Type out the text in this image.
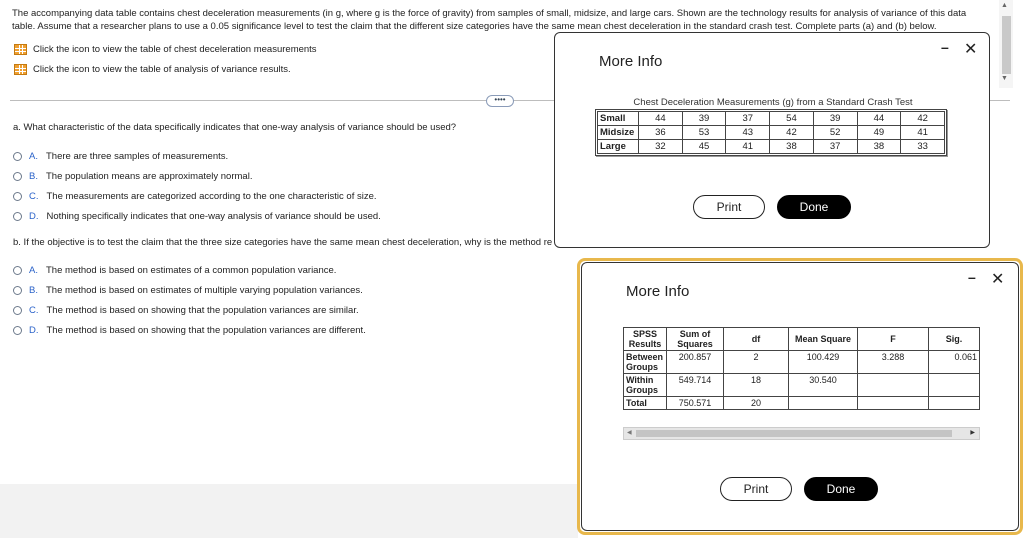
▲
▼
The accompanying data table contains chest deceleration measurements (in g, where g is the force of gravity) from samples of small, midsize, and large cars. Shown are the technology results for analysis of variance of this data
table. Assume that a researcher plans to use a 0.05 significance level to test the claim that the different size categories have the same mean chest deceleration in the standard crash test. Complete parts (a) and (b) below.
Click the icon to view the table of chest deceleration measurements
Click the icon to view the table of analysis of variance results.
••••
a. What characteristic of the data specifically indicates that one-way analysis of variance should be used?
A. There are three samples of measurements.
B. The population means are approximately normal.
C. The measurements are categorized according to the one characteristic of size.
D. Nothing specifically indicates that one-way analysis of variance should be used.
b. If the objective is to test the claim that the three size categories have the same mean chest deceleration, why is the method re
A. The method is based on estimates of a common population variance.
B. The method is based on estimates of multiple varying population variances.
C. The method is based on showing that the population variances are similar.
D. The method is based on showing that the population variances are different.
More Info
– ✕
Chest Deceleration Measurements (g) from a Standard Crash Test
Small	44	39	37	54	39	44	42
Midsize	36	53	43	42	52	49	41
Large	32	45	41	38	37	38	33
Print	Done
More Info
– ✕
SPSS Results	Sum of Squares	df	Mean Square	F	Sig.
Between Groups	200.857	2	100.429	3.288	0.061
Within Groups	549.714	18	30.540		
Total	750.571	20			
◀	▶
Print	Done
